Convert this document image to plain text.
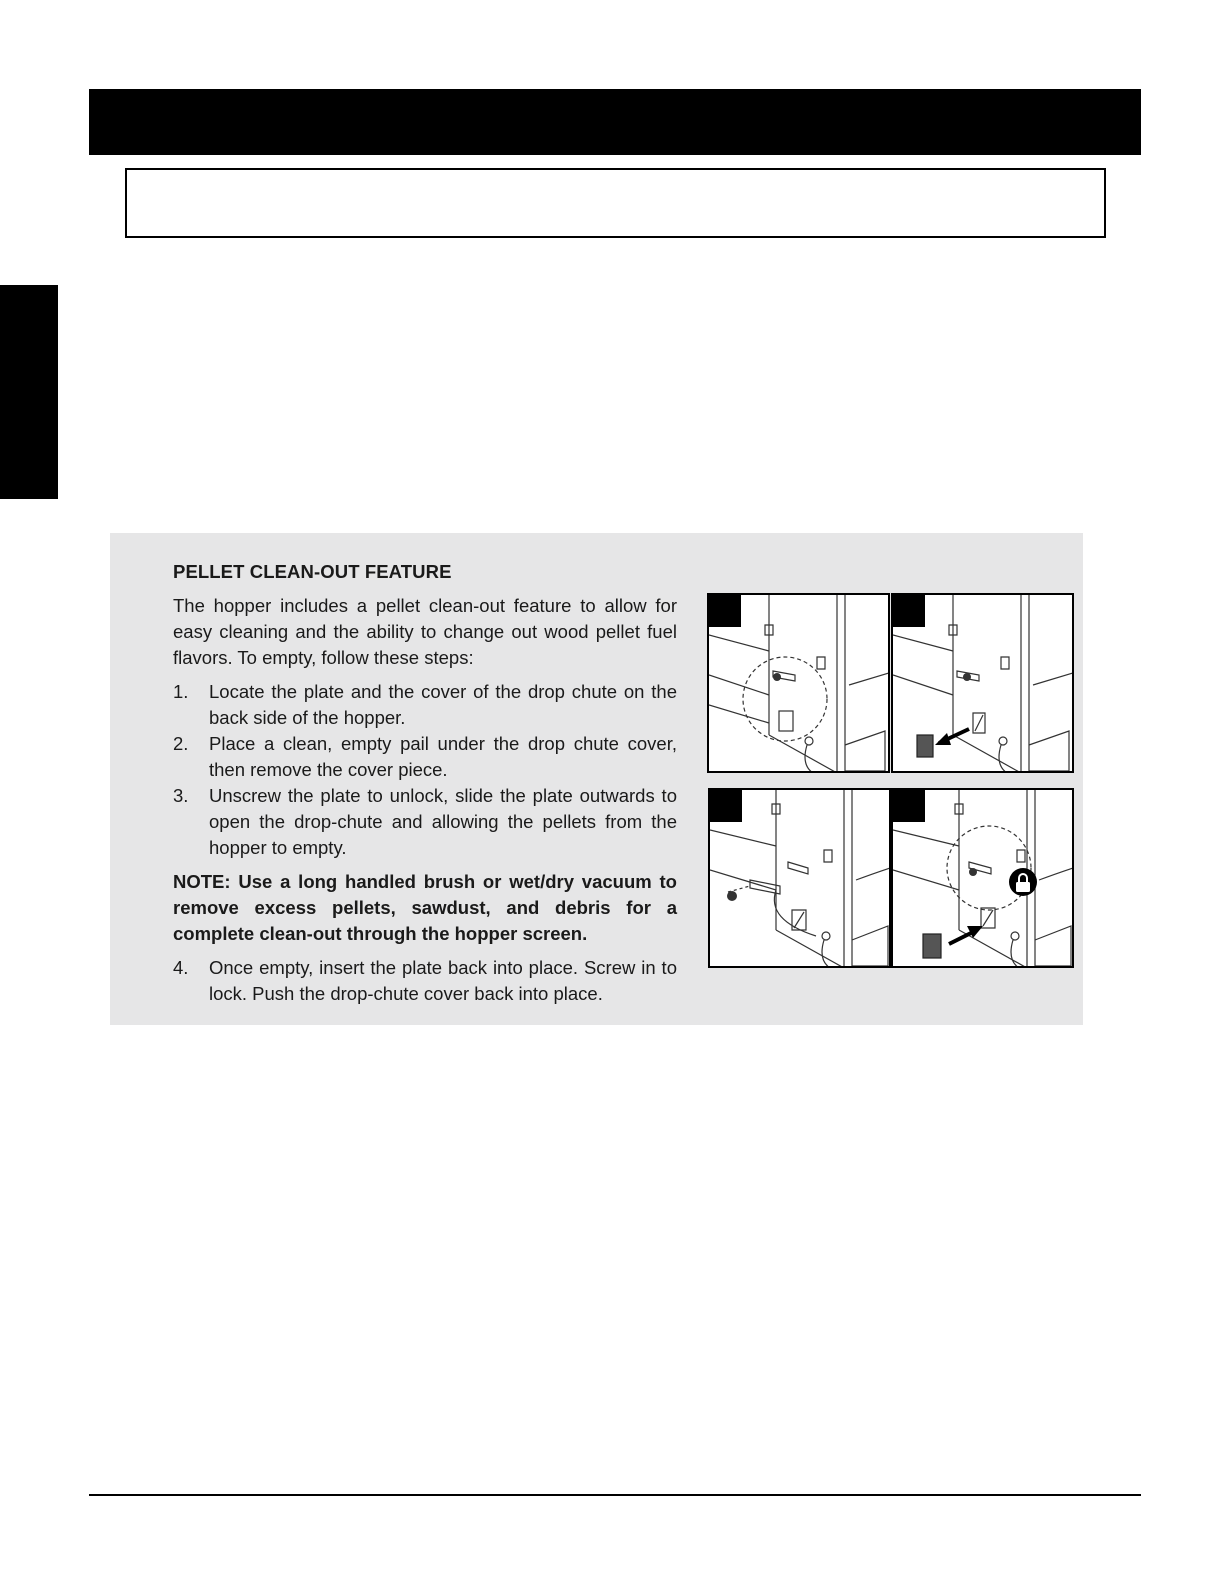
PELLET CLEAN-OUT FEATURE

The hopper includes a pellet clean-out feature to allow for easy cleaning and the ability to change out wood pellet fuel flavors. To empty, follow these steps:

1. Locate the plate and the cover of the drop chute on the back side of the hopper.
2. Place a clean, empty pail under the drop chute cover, then remove the cover piece.
3. Unscrew the plate to unlock, slide the plate outwards to open the drop-chute and allowing the pellets from the hopper to empty.

NOTE: Use a long handled brush or wet/dry vacuum to remove excess pellets, sawdust, and debris for a complete clean-out through the hopper screen.

4. Once empty, insert the plate back into place. Screw in to lock. Push the drop-chute cover back into place.
